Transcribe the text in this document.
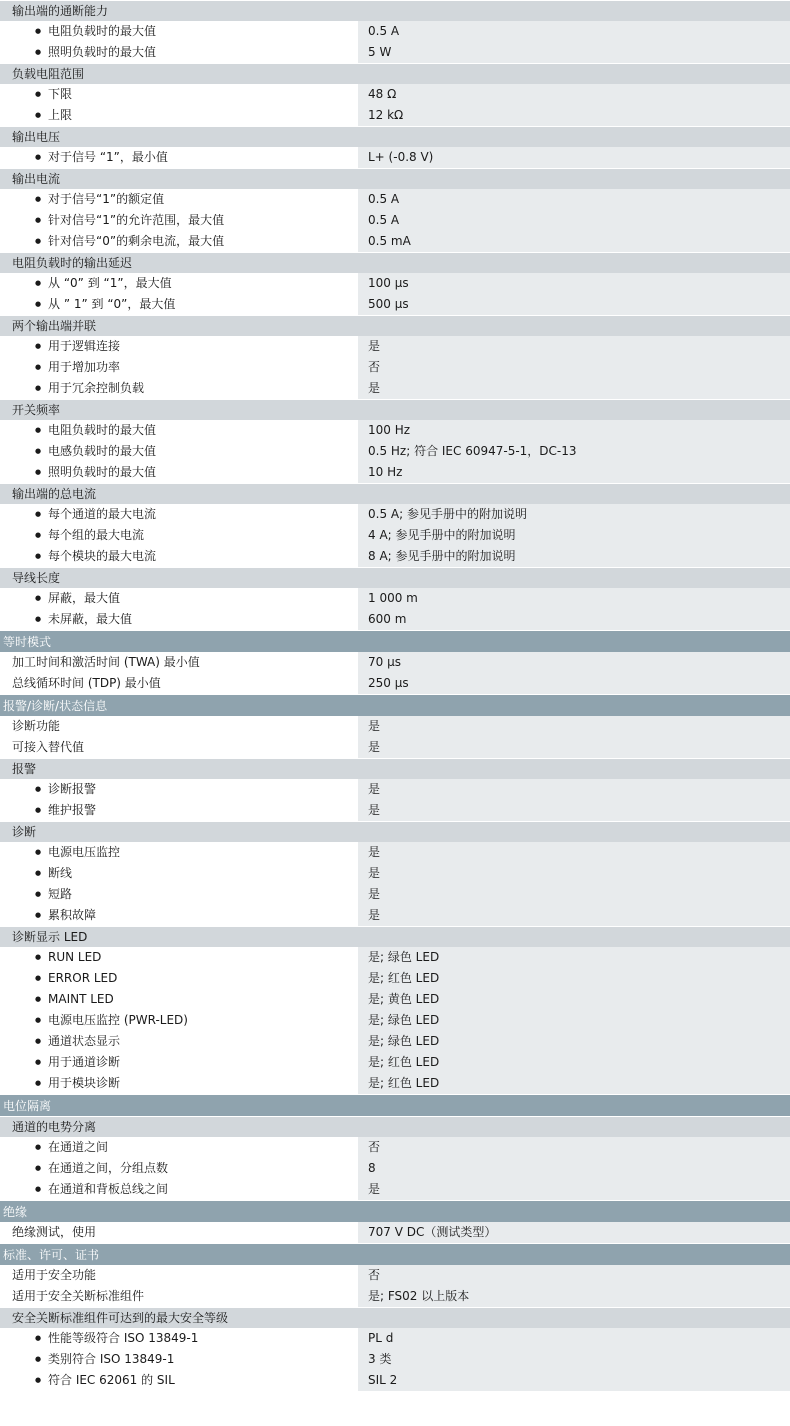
输出端的通断能力
● 电阻负载时的最大值	0.5 A
● 照明负载时的最大值	5 W
负载电阻范围
● 下限	48 Ω
● 上限	12 kΩ
输出电压
● 对于信号 “1”，最小值	L+ (-0.8 V)
输出电流
● 对于信号“1”的额定值	0.5 A
● 针对信号“1”的允许范围，最大值	0.5 A
● 针对信号“0”的剩余电流，最大值	0.5 mA
电阻负载时的输出延迟
● 从 “0” 到 “1”，最大值	100 µs
● 从 ” 1” 到 “0”，最大值	500 µs
两个输出端并联
● 用于逻辑连接	是
● 用于增加功率	否
● 用于冗余控制负载	是
开关频率
● 电阻负载时的最大值	100 Hz
● 电感负载时的最大值	0.5 Hz; 符合 IEC 60947-5-1，DC-13
● 照明负载时的最大值	10 Hz
输出端的总电流
● 每个通道的最大电流	0.5 A; 参见手册中的附加说明
● 每个组的最大电流	4 A; 参见手册中的附加说明
● 每个模块的最大电流	8 A; 参见手册中的附加说明
导线长度
● 屏蔽，最大值	1 000 m
● 未屏蔽，最大值	600 m
等时模式
加工时间和激活时间 (TWA) 最小值	70 µs
总线循环时间 (TDP) 最小值	250 µs
报警/诊断/状态信息
诊断功能	是
可接入替代值	是
报警
● 诊断报警	是
● 维护报警	是
诊断
● 电源电压监控	是
● 断线	是
● 短路	是
● 累积故障	是
诊断显示 LED
● RUN LED	是; 绿色 LED
● ERROR LED	是; 红色 LED
● MAINT LED	是; 黄色 LED
● 电源电压监控 (PWR-LED)	是; 绿色 LED
● 通道状态显示	是; 绿色 LED
● 用于通道诊断	是; 红色 LED
● 用于模块诊断	是; 红色 LED
电位隔离
通道的电势分离
● 在通道之间	否
● 在通道之间，分组点数	8
● 在通道和背板总线之间	是
绝缘
绝缘测试，使用	707 V DC（测试类型）
标准、许可、证书
适用于安全功能	否
适用于安全关断标准组件	是; FS02 以上版本
安全关断标准组件可达到的最大安全等级
● 性能等级符合 ISO 13849-1	PL d
● 类别符合 ISO 13849-1	3 类
● 符合 IEC 62061 的 SIL	SIL 2
